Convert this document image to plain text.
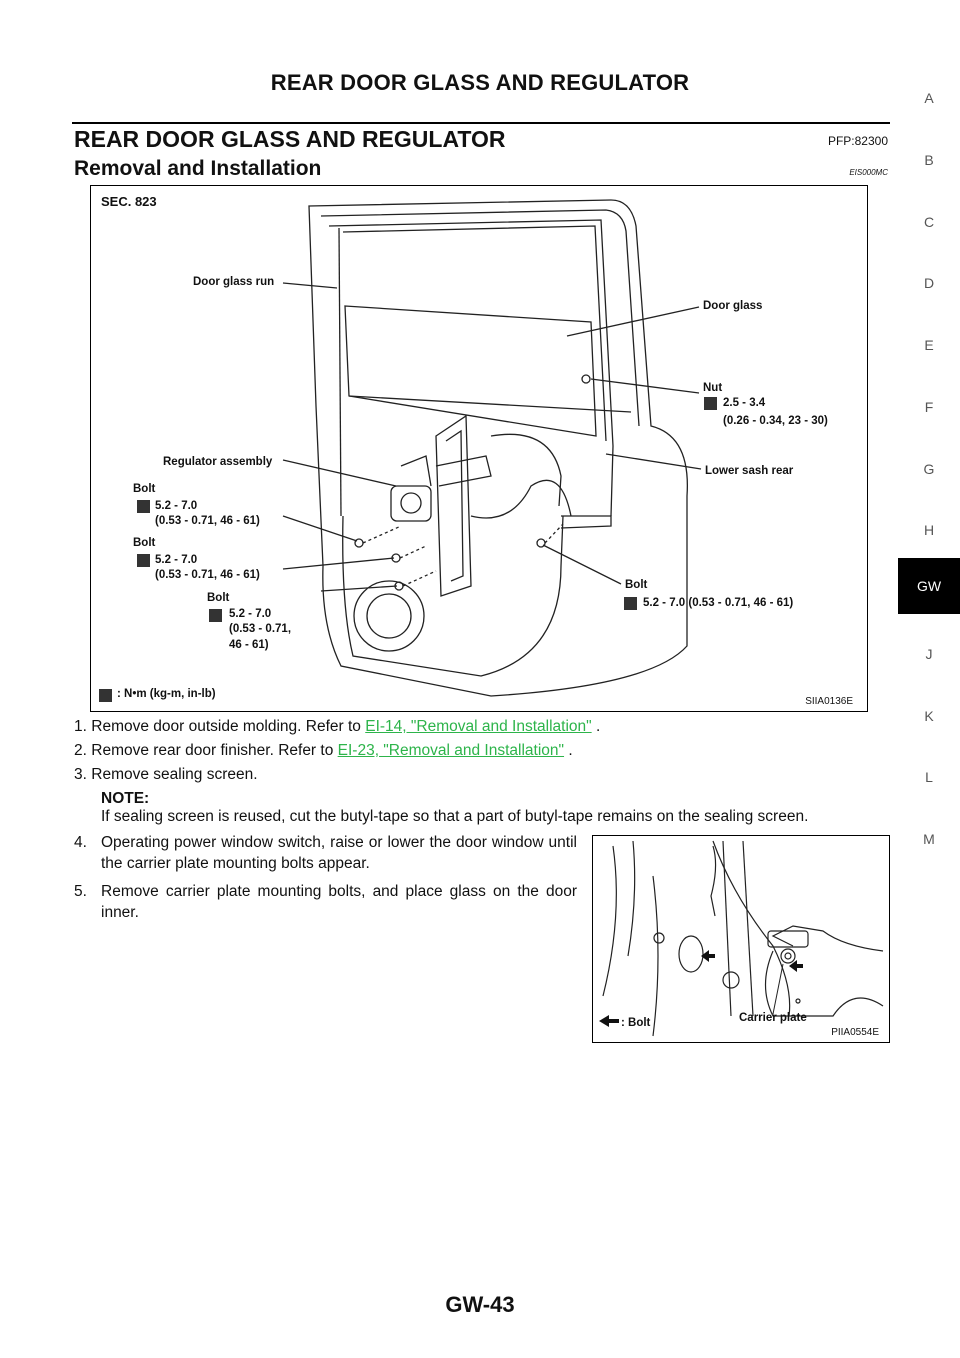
REAR DOOR GLASS AND REGULATOR
REAR DOOR GLASS AND REGULATOR	PFP:82300
Removal and Installation	EIS000MC
SEC. 823
Door glass run
Door glass
Nut
2.5 - 3.4
(0.26 - 0.34, 23 - 30)
Regulator assembly
Lower sash rear
Bolt
5.2 - 7.0
(0.53 - 0.71, 46 - 61)
Bolt
5.2 - 7.0
(0.53 - 0.71, 46 - 61)
Bolt
5.2 - 7.0
(0.53 - 0.71,
46 - 61)
Bolt
5.2 - 7.0 (0.53 - 0.71, 46 - 61)
: N•m (kg-m, in-lb)
SIIA0136E
1. Remove door outside molding. Refer to EI-14, "Removal and Installation" .
2. Remove rear door finisher. Refer to EI-23, "Removal and Installation" .
3. Remove sealing screen.
NOTE:
If sealing screen is reused, cut the butyl-tape so that a part of butyl-tape remains on the sealing screen.
4. Operating power window switch, raise or lower the door window until the carrier plate mounting bolts appear.
5. Remove carrier plate mounting bolts, and place glass on the door inner.
: Bolt	Carrier plate
PIIA0554E
A
B
C
D
E
F
G
H
GW
J
K
L
M
GW-43
